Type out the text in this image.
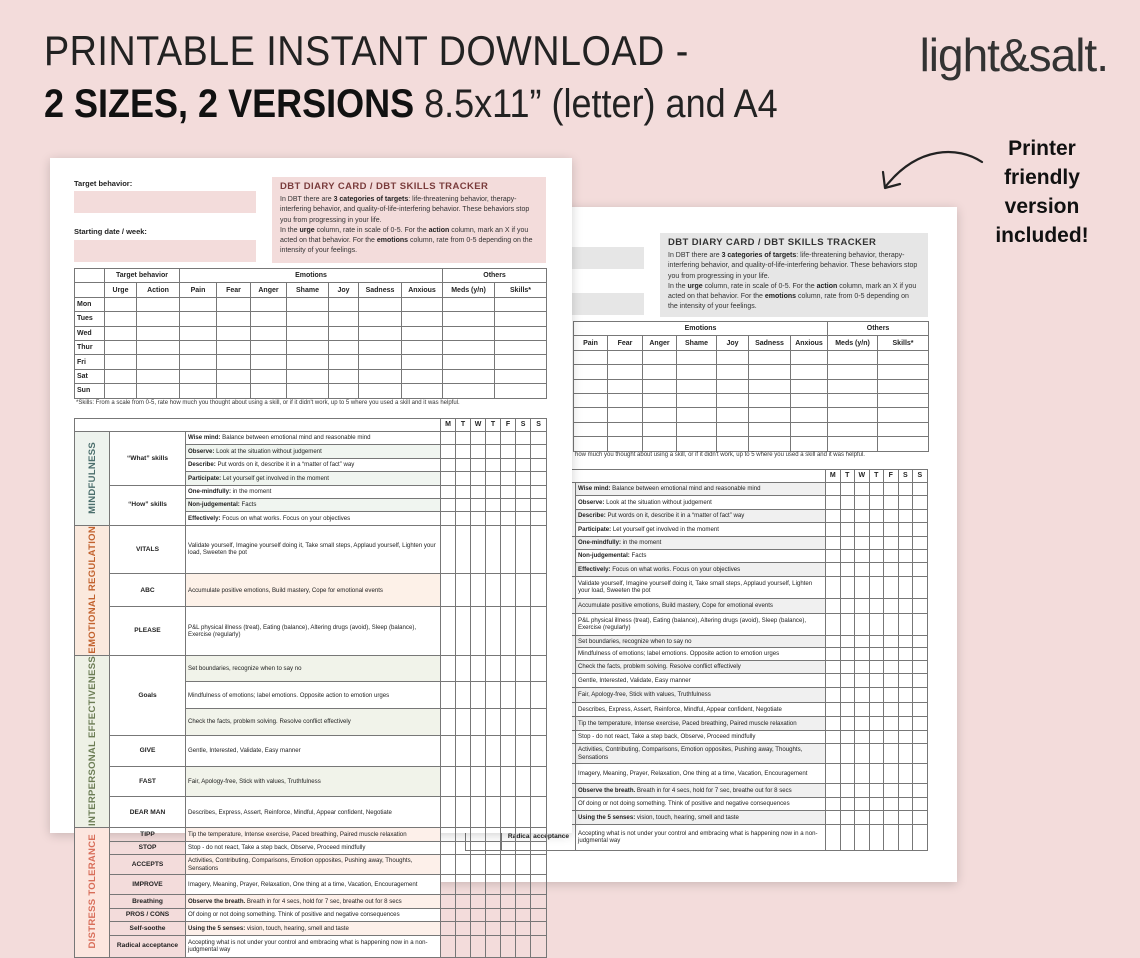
PRINTABLE INSTANT DOWNLOAD -
2 SIZES, 2 VERSIONS 8.5x11” (letter) and A4
light&salt.
Printer
friendly
version
included!
DBT DIARY CARD / DBT SKILLS TRACKER

In DBT there are 3 categories of targets: life-threatening behavior, therapy-interfering behavior, and quality-of-life-interfering behavior. These behaviors stop you from progressing in your life.

In the urge column, rate in scale of 0-5. For the action column, mark an X if you acted on that behavior. For the emotions column, rate from 0-5 depending on the intensity of your feelings.

Emotions							Others	
Pain	Fear	Anger	Shame	Joy	Sadness	Anxious	Meds (y/n)	Skills*

how much you thought about using a skill, or if it didn't work, up to 5 where you used a skill and it was helpful.
			M	T	W	T	F	S	S
		Wise mind: Balance between emotional mind and reasonable mind							
		Observe: Look at the situation without judgement							
		Describe: Put words on it, describe it in a “matter of fact” way							
		Participate: Let yourself get involved in the moment							
		One-mindfully: in the moment							
		Non-judgemental: Facts							
		Effectively: Focus on what works. Focus on your objectives							
		Validate yourself, Imagine yourself doing it, Take small steps, Applaud yourself, Lighten your load, Sweeten the pot							
		Accumulate positive emotions, Build mastery, Cope for emotional events							
		P&L physical illness (treat), Eating (balance), Altering drugs (avoid), Sleep (balance), Exercise (regularly)							
		Set boundaries, recognize when to say no							
		Mindfulness of emotions; label emotions. Opposite action to emotion urges							
		Check the facts, problem solving. Resolve conflict effectively							
		Gentle, Interested, Validate, Easy manner							
		Fair, Apology-free, Stick with values, Truthfulness							
		Describes, Express, Assert, Reinforce, Mindful, Appear confident, Negotiate							
		Tip the temperature, Intense exercise, Paced breathing, Paired muscle relaxation							
		Stop - do not react, Take a step back, Observe, Proceed mindfully							
		Activities, Contributing, Comparisons, Emotion opposites, Pushing away, Thoughts, Sensations							
		Imagery, Meaning, Prayer, Relaxation, One thing at a time, Vacation, Encouragement							
		Observe the breath. Breath in for 4 secs, hold for 7 sec, breathe out for 8 secs							
		Of doing or not doing something. Think of positive and negative consequences							
		Using the 5 senses: vision, touch, hearing, smell and taste							
	Radical acceptance	Accepting what is not under your control and embracing what is happening now in a non-judgmental way							
Target behavior:
Starting date / week:
DBT DIARY CARD / DBT SKILLS TRACKER

In DBT there are 3 categories of targets: life-threatening behavior, therapy-interfering behavior, and quality-of-life-interfering behavior. These behaviors stop you from progressing in your life.

In the urge column, rate in scale of 0-5. For the action column, mark an X if you acted on that behavior. For the emotions column, rate from 0-5 depending on the intensity of your feelings.

	Target behavior		Emotions							Others	
	Urge	Action	Pain	Fear	Anger	Shame	Joy	Sadness	Anxious	Meds (y/n)	Skills*
Mon											
Tues											
Wed											
Thur											
Fri											
Sat											
Sun											
*Skills: From a scale from 0-5, rate how much you thought about using a skill, or if it didn't work, up to 5 where you used a skill and it was helpful.
			M	T	W	T	F	S	S
MINDFULNESS	“What” skills	Wise mind: Balance between emotional mind and reasonable mind							
		Observe: Look at the situation without judgement							
		Describe: Put words on it, describe it in a “matter of fact” way							
		Participate: Let yourself get involved in the moment							
	“How” skills	One-mindfully: in the moment							
		Non-judgemental: Facts							
		Effectively: Focus on what works. Focus on your objectives							
EMOTIONAL REGULATION	VITALS	Validate yourself, Imagine yourself doing it, Take small steps, Applaud yourself, Lighten your load, Sweeten the pot							
	ABC	Accumulate positive emotions, Build mastery, Cope for emotional events							
	PLEASE	P&L physical illness (treat), Eating (balance), Altering drugs (avoid), Sleep (balance), Exercise (regularly)							
INTERPERSONAL EFFECTIVENESS	Goals	Set boundaries, recognize when to say no							
		Mindfulness of emotions; label emotions. Opposite action to emotion urges							
		Check the facts, problem solving. Resolve conflict effectively							
	GIVE	Gentle, Interested, Validate, Easy manner							
	FAST	Fair, Apology-free, Stick with values, Truthfulness							
	DEAR MAN	Describes, Express, Assert, Reinforce, Mindful, Appear confident, Negotiate							
DISTRESS TOLERANCE	TIPP	Tip the temperature, Intense exercise, Paced breathing, Paired muscle relaxation							
	STOP	Stop - do not react, Take a step back, Observe, Proceed mindfully							
	ACCEPTS	Activities, Contributing, Comparisons, Emotion opposites, Pushing away, Thoughts, Sensations							
	IMPROVE	Imagery, Meaning, Prayer, Relaxation, One thing at a time, Vacation, Encouragement							
	Breathing	Observe the breath. Breath in for 4 secs, hold for 7 sec, breathe out for 8 secs							
	PROS / CONS	Of doing or not doing something. Think of positive and negative consequences							
	Self-soothe	Using the 5 senses: vision, touch, hearing, smell and taste							
	Radical acceptance	Accepting what is not under your control and embracing what is happening now in a non-judgmental way							
